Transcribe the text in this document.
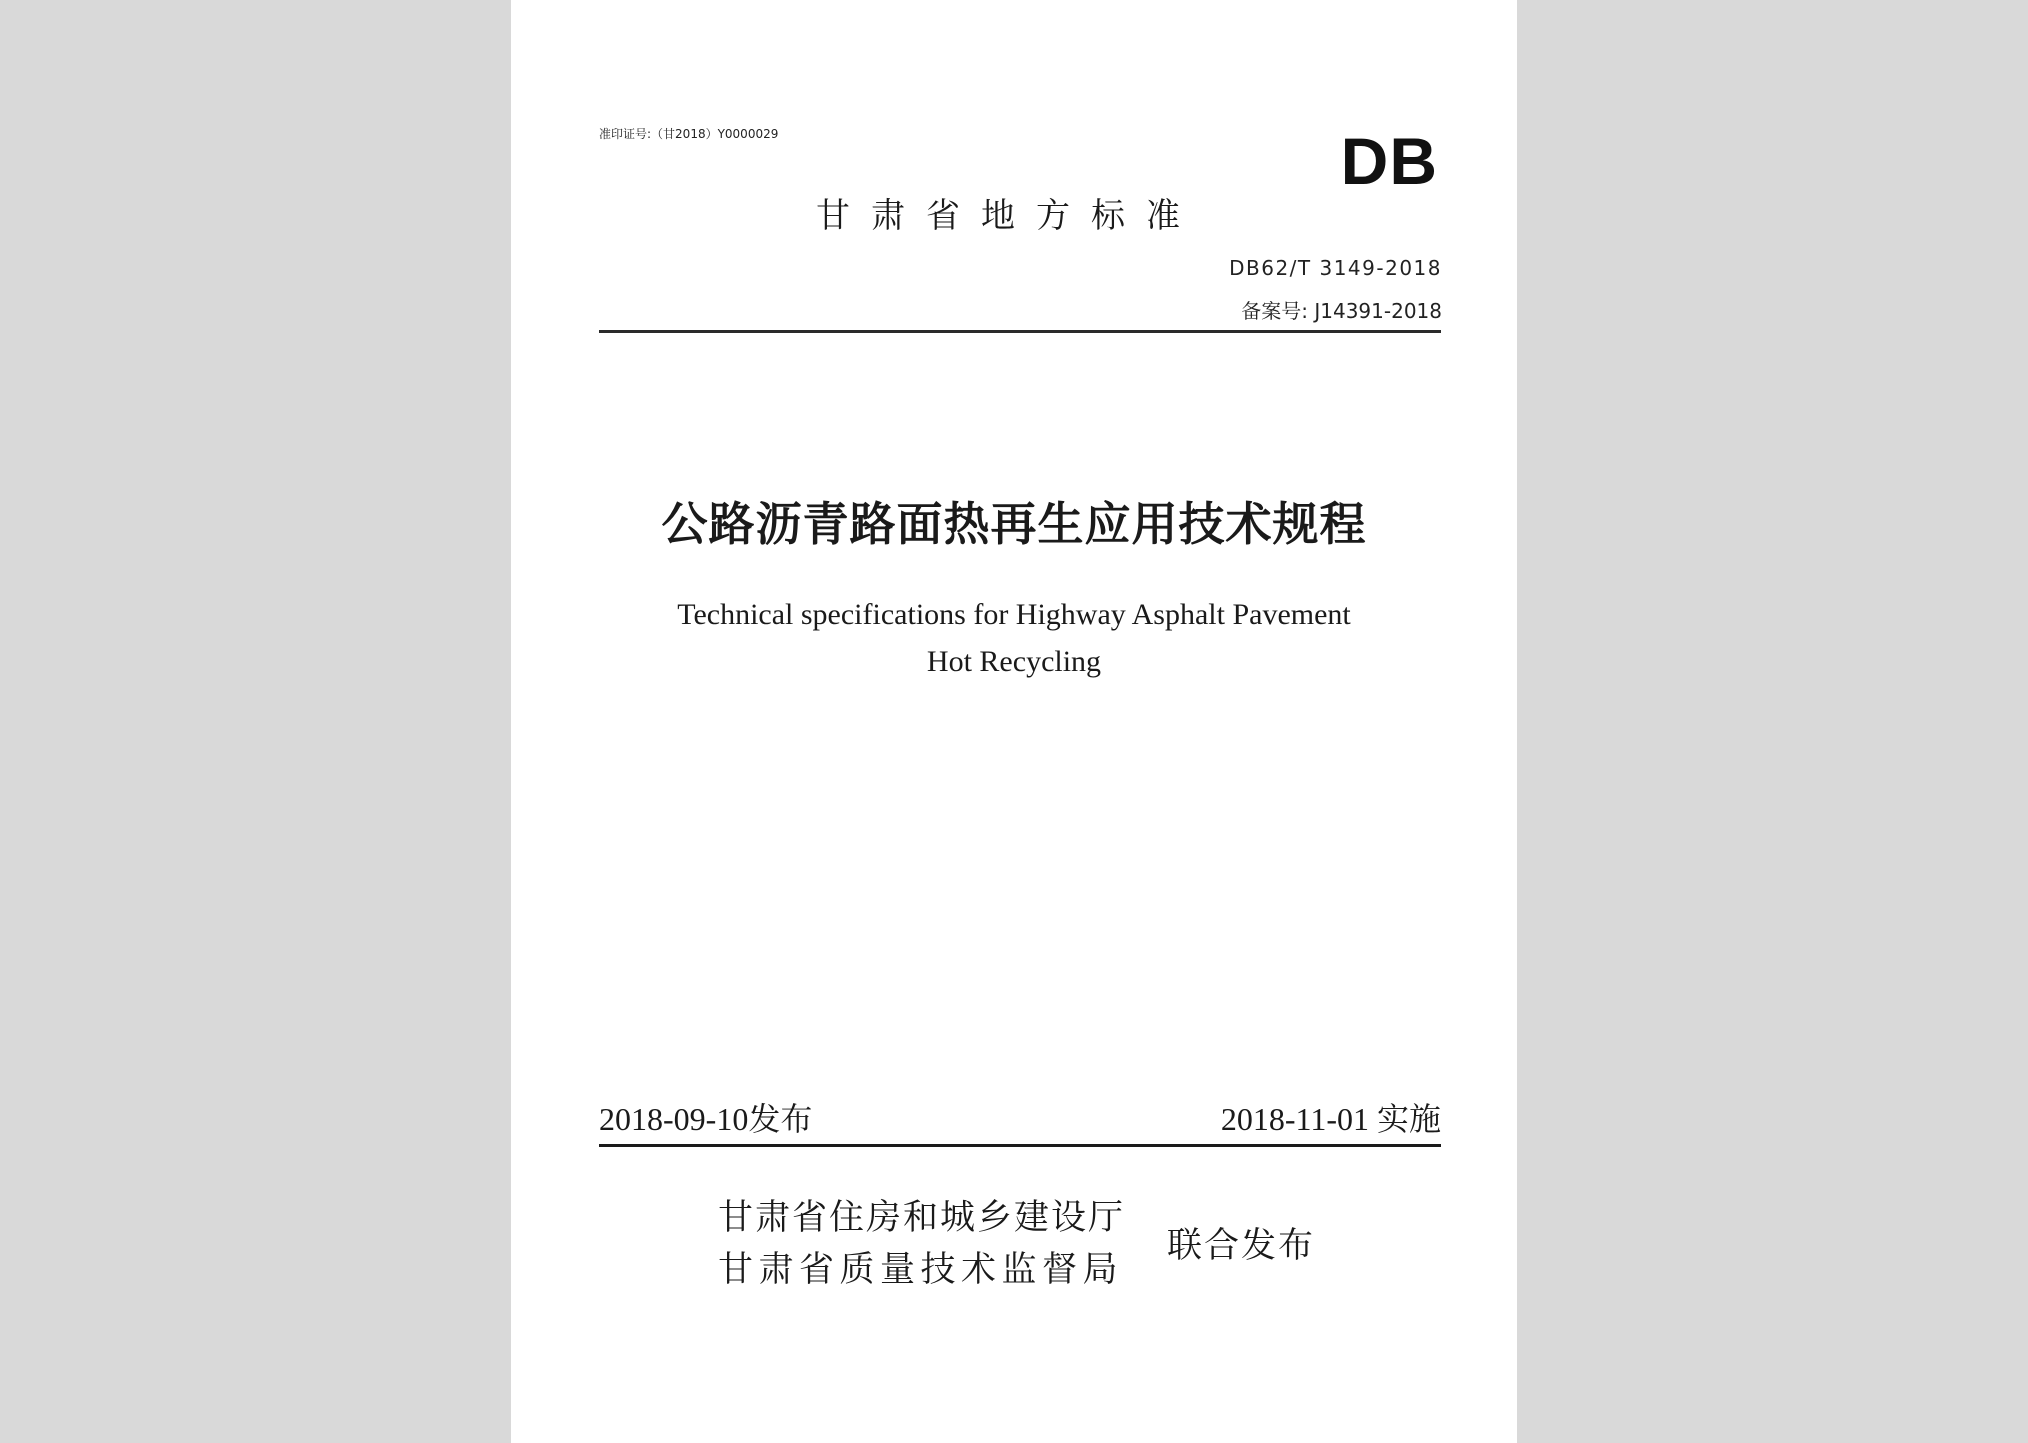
准印证号:（甘2018）Y0000029	DB

甘肃省地方标准

DB62/T 3149-2018

备案号: J14391-2018

公路沥青路面热再生应用技术规程

Technical specifications for Highway Asphalt Pavement

Hot Recycling

2018-09-10发布	2018-11-01 实施

甘肃省住房和城乡建设厅

甘肃省质量技术监督局

联合发布
